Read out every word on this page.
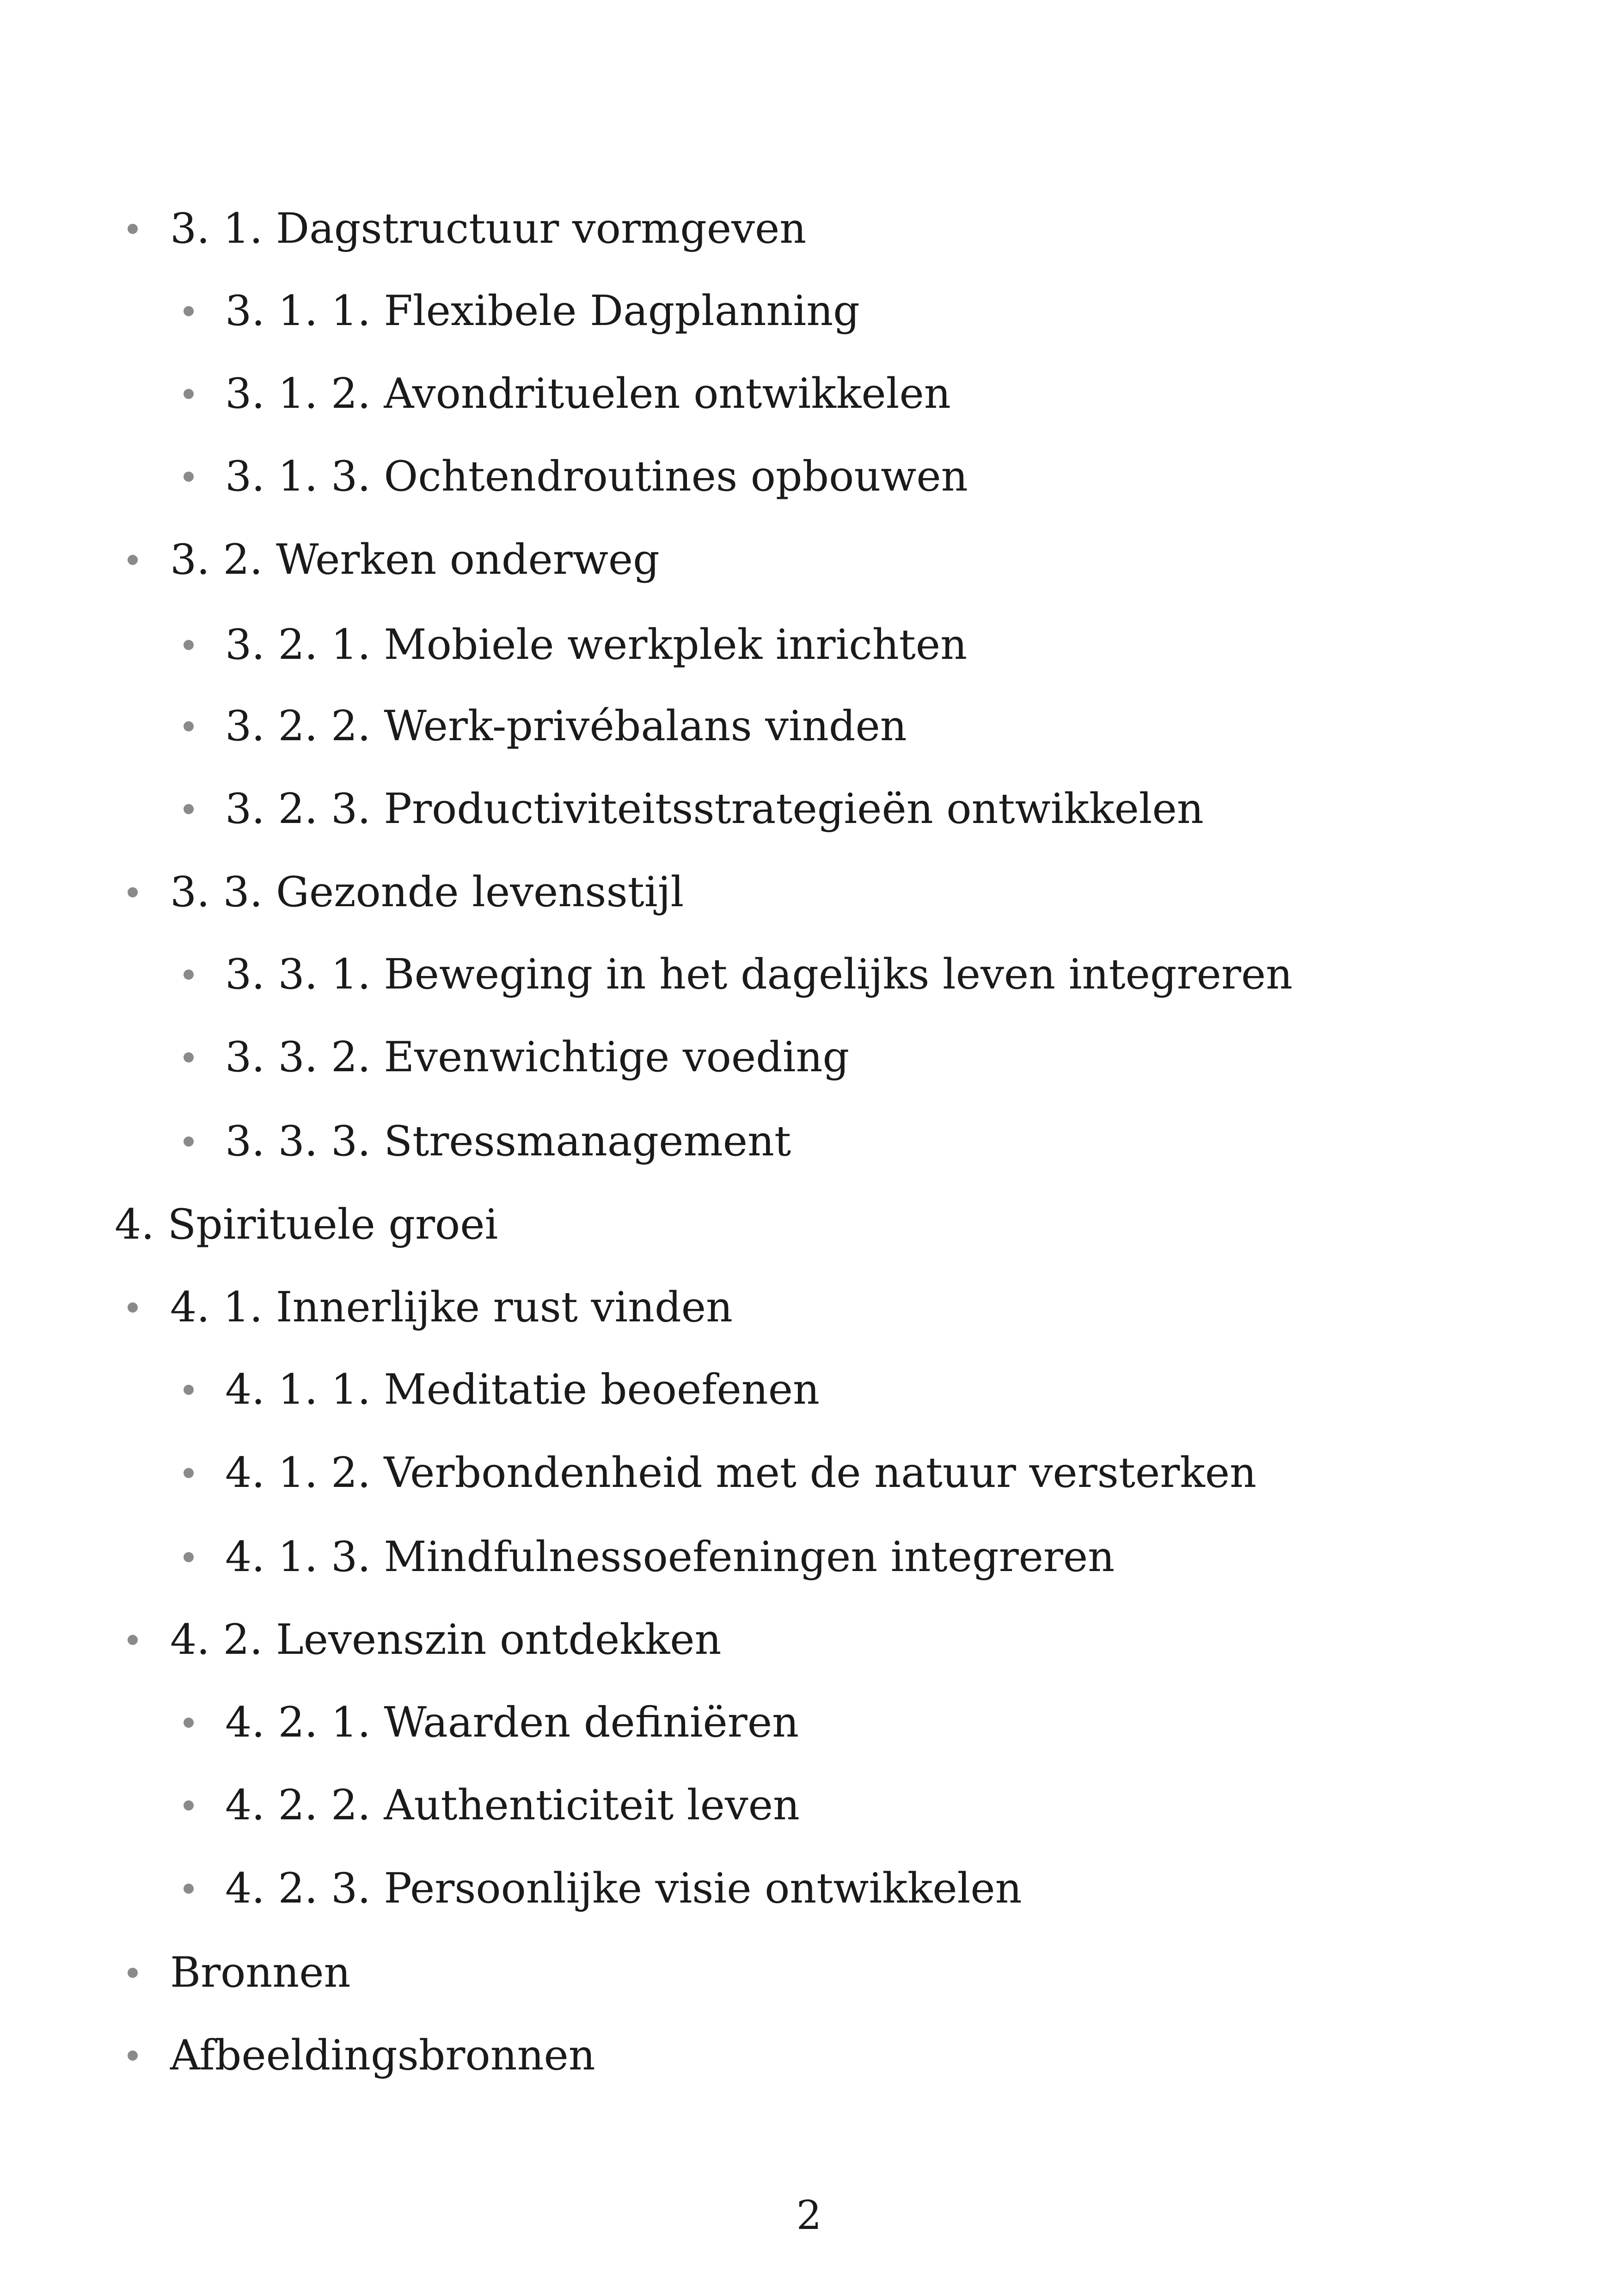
3. 1. Dagstructuur vormgeven
3. 1. 1. Flexibele Dagplanning
3. 1. 2. Avondrituelen ontwikkelen
3. 1. 3. Ochtendroutines opbouwen
3. 2. Werken onderweg
3. 2. 1. Mobiele werkplek inrichten
3. 2. 2. Werk-privébalans vinden
3. 2. 3. Productiviteitsstrategieën ontwikkelen
3. 3. Gezonde levensstijl
3. 3. 1. Beweging in het dagelijks leven integreren
3. 3. 2. Evenwichtige voeding
3. 3. 3. Stressmanagement
4. Spirituele groei
4. 1. Innerlijke rust vinden
4. 1. 1. Meditatie beoefenen
4. 1. 2. Verbondenheid met de natuur versterken
4. 1. 3. Mindfulnessoefeningen integreren
4. 2. Levenszin ontdekken
4. 2. 1. Waarden definiëren
4. 2. 2. Authenticiteit leven
4. 2. 3. Persoonlijke visie ontwikkelen
Bronnen
Afbeeldingsbronnen
2
